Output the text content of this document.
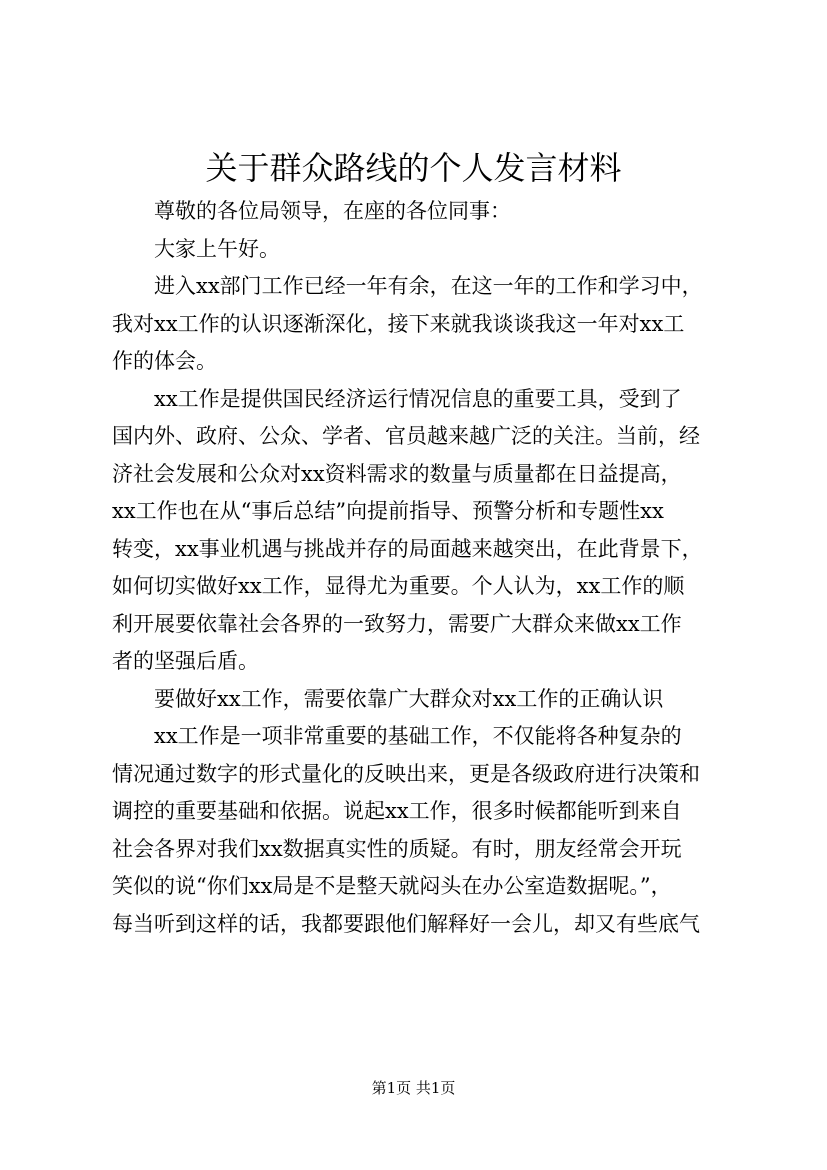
关于群众路线的个人发言材料
尊敬的各位局领导，在座的各位同事：
大家上午好。
进入xx部门工作已经一年有余，在这一年的工作和学习中，
我对xx工作的认识逐渐深化，接下来就我谈谈我这一年对xx工
作的体会。
xx工作是提供国民经济运行情况信息的重要工具，受到了
国内外、政府、公众、学者、官员越来越广泛的关注。当前，经
济社会发展和公众对xx资料需求的数量与质量都在日益提高，
xx工作也在从“事后总结”向提前指导、预警分析和专题性xx
转变，xx事业机遇与挑战并存的局面越来越突出，在此背景下，
如何切实做好xx工作，显得尤为重要。个人认为，xx工作的顺
利开展要依靠社会各界的一致努力，需要广大群众来做xx工作
者的坚强后盾。
要做好xx工作，需要依靠广大群众对xx工作的正确认识
xx工作是一项非常重要的基础工作，不仅能将各种复杂的
情况通过数字的形式量化的反映出来，更是各级政府进行决策和
调控的重要基础和依据。说起xx工作，很多时候都能听到来自
社会各界对我们xx数据真实性的质疑。有时，朋友经常会开玩
笑似的说“你们xx局是不是整天就闷头在办公室造数据呢。”，
每当听到这样的话，我都要跟他们解释好一会儿，却又有些底气
第1页 共1页
